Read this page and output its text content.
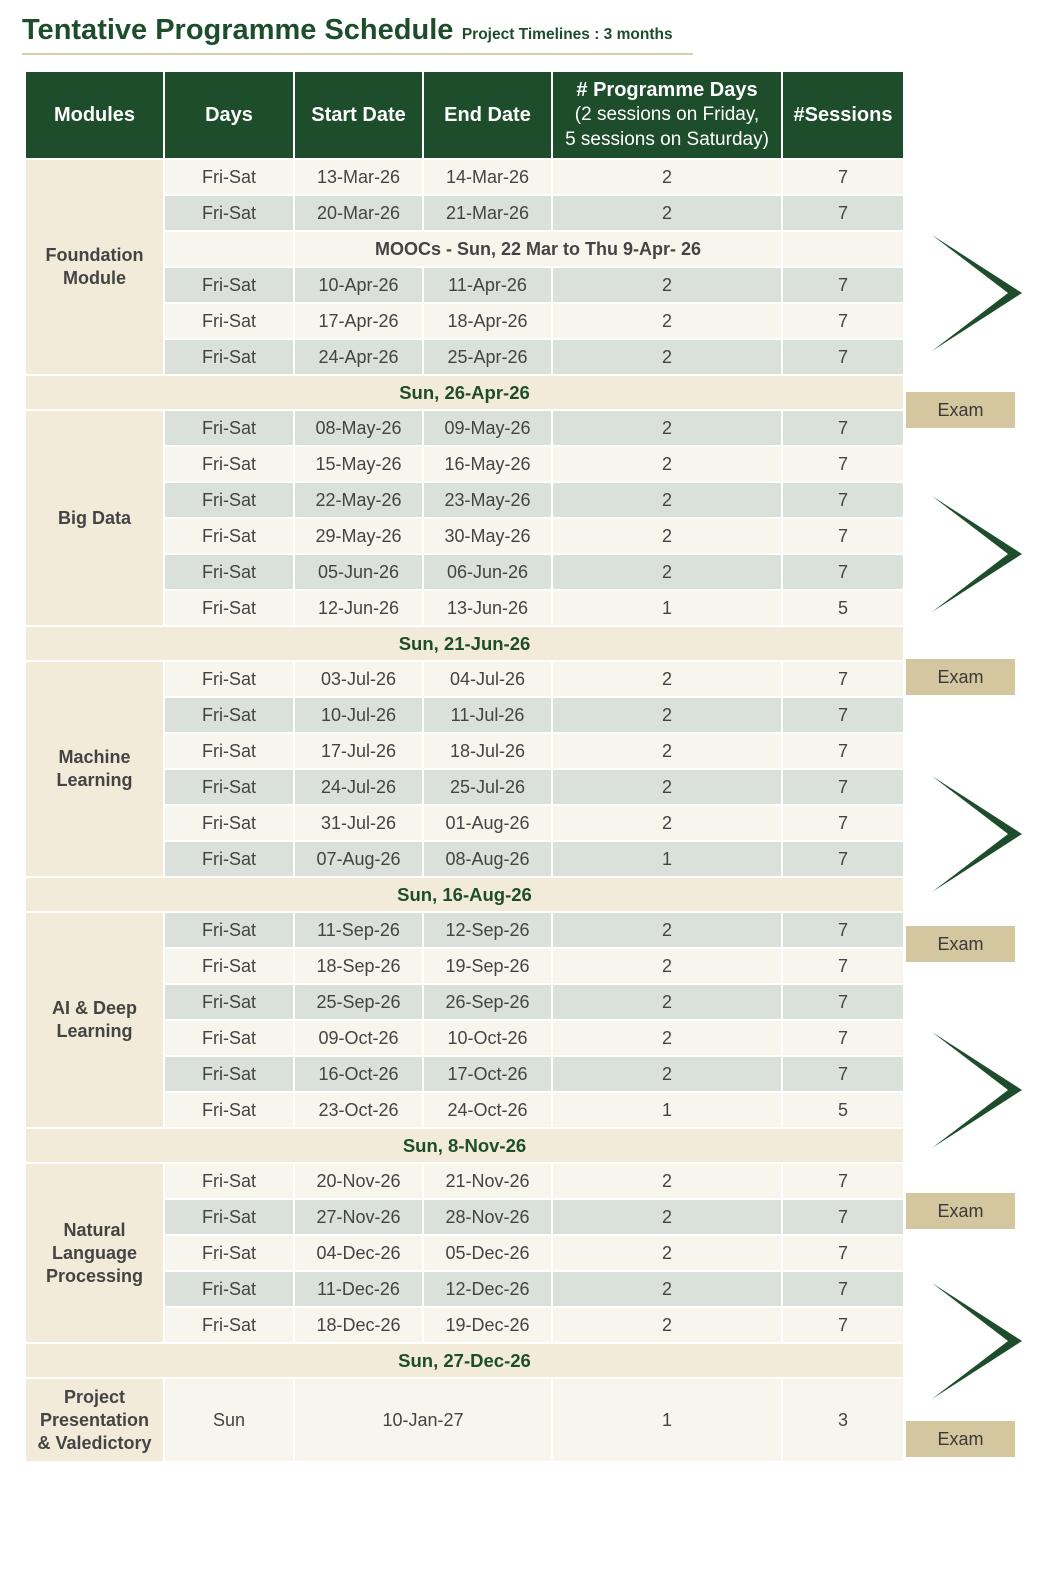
Tentative Programme Schedule Project Timelines : 3 months
Modules	Days	Start Date	End Date	# Programme Days
(2 sessions on Friday,
5 sessions on Saturday)	#Sessions

Foundation
Module	Fri-Sat	13-Mar-26	14-Mar-26	2	7
	Fri-Sat	20-Mar-26	21-Mar-26	2	7
		MOOCs - Sun, 22 Mar to Thu 9-Apr- 26			
	Fri-Sat	10-Apr-26	11-Apr-26	2	7
	Fri-Sat	17-Apr-26	18-Apr-26	2	7
	Fri-Sat	24-Apr-26	25-Apr-26	2	7
Sun, 26-Apr-26					

Big Data	Fri-Sat	08-May-26	09-May-26	2	7
	Fri-Sat	15-May-26	16-May-26	2	7
	Fri-Sat	22-May-26	23-May-26	2	7
	Fri-Sat	29-May-26	30-May-26	2	7
	Fri-Sat	05-Jun-26	06-Jun-26	2	7
	Fri-Sat	12-Jun-26	13-Jun-26	1	5
Sun, 21-Jun-26					

Machine
Learning	Fri-Sat	03-Jul-26	04-Jul-26	2	7
	Fri-Sat	10-Jul-26	11-Jul-26	2	7
	Fri-Sat	17-Jul-26	18-Jul-26	2	7
	Fri-Sat	24-Jul-26	25-Jul-26	2	7
	Fri-Sat	31-Jul-26	01-Aug-26	2	7
	Fri-Sat	07-Aug-26	08-Aug-26	1	7
Sun, 16-Aug-26					

AI & Deep
Learning	Fri-Sat	11-Sep-26	12-Sep-26	2	7
	Fri-Sat	18-Sep-26	19-Sep-26	2	7
	Fri-Sat	25-Sep-26	26-Sep-26	2	7
	Fri-Sat	09-Oct-26	10-Oct-26	2	7
	Fri-Sat	16-Oct-26	17-Oct-26	2	7
	Fri-Sat	23-Oct-26	24-Oct-26	1	5
Sun, 8-Nov-26					

Natural
Language
Processing	Fri-Sat	20-Nov-26	21-Nov-26	2	7
	Fri-Sat	27-Nov-26	28-Nov-26	2	7
	Fri-Sat	04-Dec-26	05-Dec-26	2	7
	Fri-Sat	11-Dec-26	12-Dec-26	2	7
	Fri-Sat	18-Dec-26	19-Dec-26	2	7
Sun, 27-Dec-26					

Project
Presentation
& Valedictory	Sun	10-Jan-27		1	3
Exam
Exam
Exam
Exam
Exam
